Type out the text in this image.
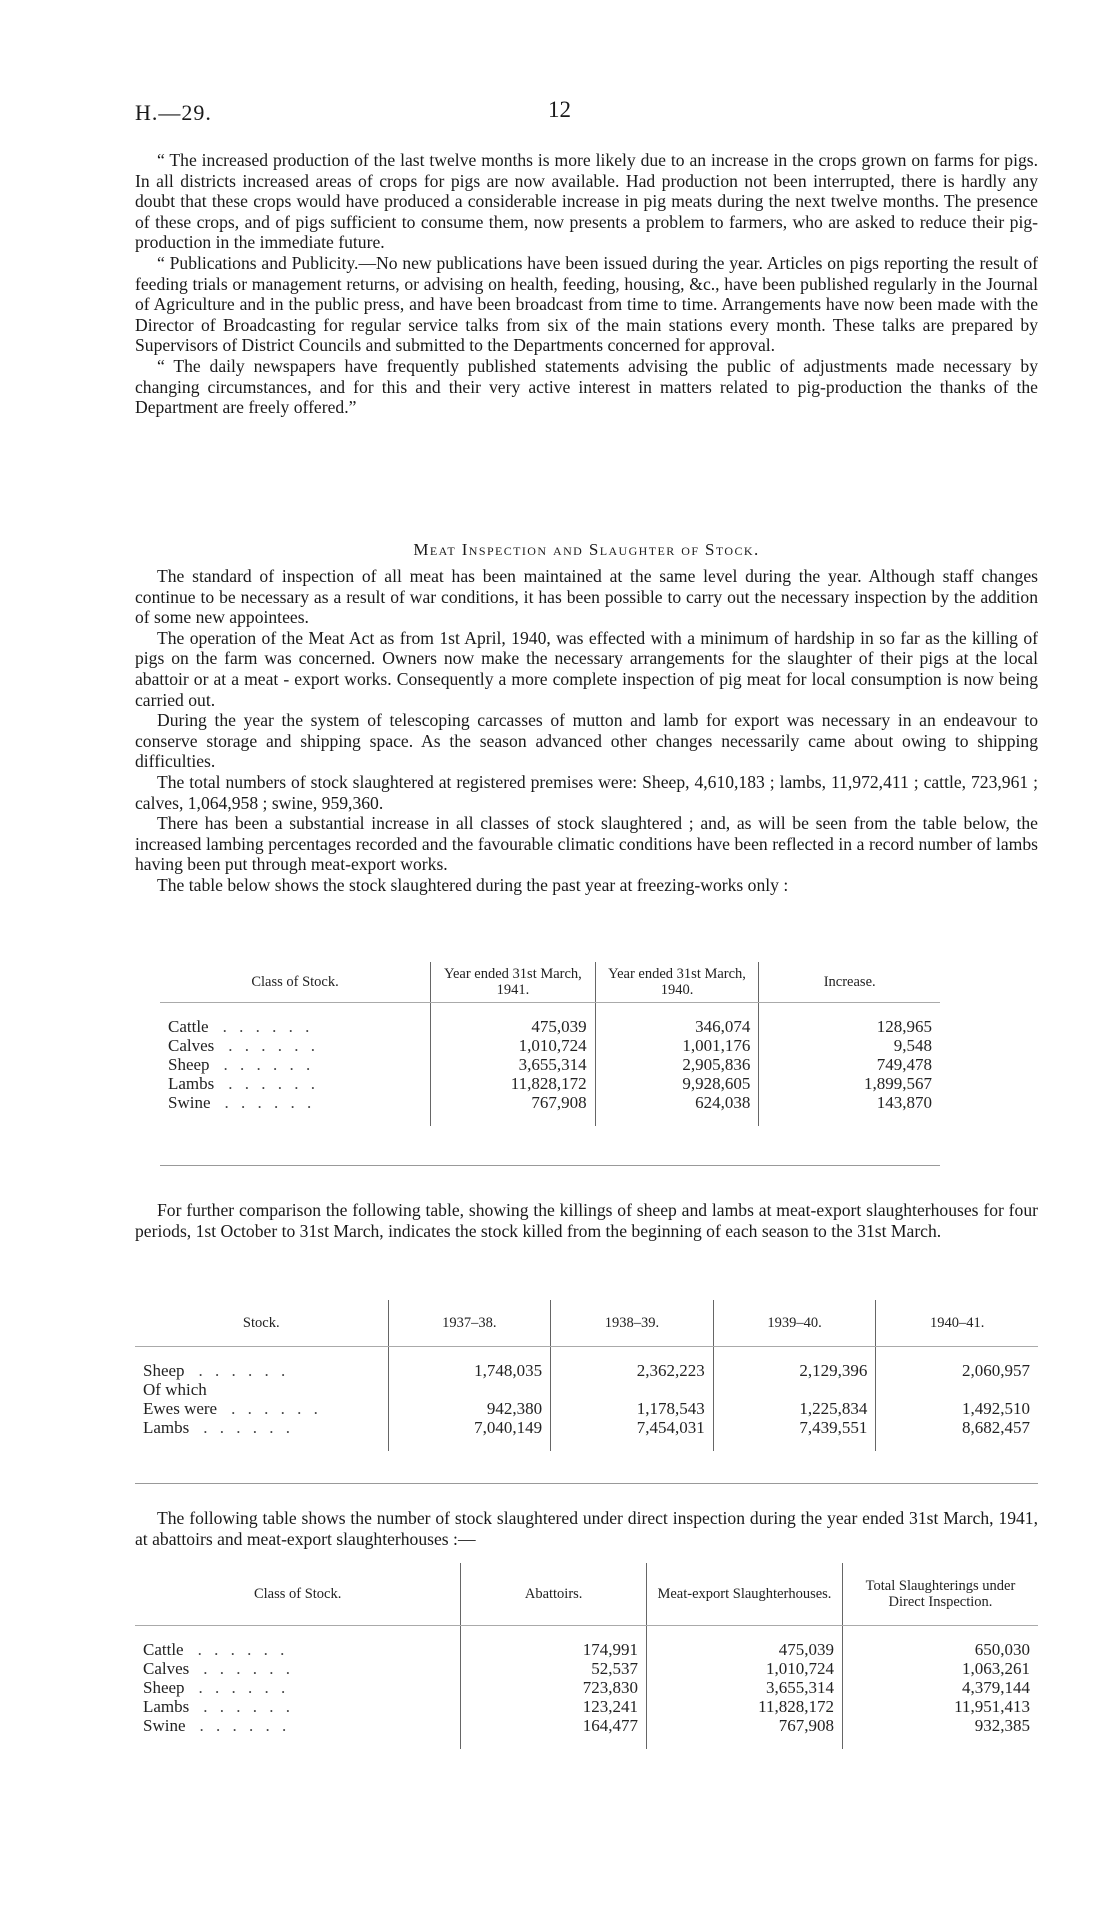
H.—29.	12

“ The increased production of the last twelve months is more likely due to an increase in the crops grown on farms for pigs. In all districts increased areas of crops for pigs are now available. Had production not been interrupted, there is hardly any doubt that these crops would have produced a considerable increase in pig meats during the next twelve months. The presence of these crops, and of pigs sufficient to consume them, now presents a problem to farmers, who are asked to reduce their pig-production in the immediate future.

“ Publications and Publicity.—No new publications have been issued during the year. Articles on pigs reporting the result of feeding trials or management returns, or advising on health, feeding, housing, &c., have been published regularly in the Journal of Agriculture and in the public press, and have been broadcast from time to time. Arrangements have now been made with the Director of Broadcasting for regular service talks from six of the main stations every month. These talks are prepared by Supervisors of District Councils and submitted to the Departments concerned for approval.

“ The daily newspapers have frequently published statements advising the public of adjustments made necessary by changing circumstances, and for this and their very active interest in matters related to pig-production the thanks of the Department are freely offered.”

Meat Inspection and Slaughter of Stock.

The standard of inspection of all meat has been maintained at the same level during the year. Although staff changes continue to be necessary as a result of war conditions, it has been possible to carry out the necessary inspection by the addition of some new appointees.

The operation of the Meat Act as from 1st April, 1940, was effected with a minimum of hardship in so far as the killing of pigs on the farm was concerned. Owners now make the necessary arrangements for the slaughter of their pigs at the local abattoir or at a meat - export works. Consequently a more complete inspection of pig meat for local consumption is now being carried out.

During the year the system of telescoping carcasses of mutton and lamb for export was necessary in an endeavour to conserve storage and shipping space. As the season advanced other changes necessarily came about owing to shipping difficulties.

The total numbers of stock slaughtered at registered premises were: Sheep, 4,610,183 ; lambs, 11,972,411 ; cattle, 723,961 ; calves, 1,064,958 ; swine, 959,360.

There has been a substantial increase in all classes of stock slaughtered ; and, as will be seen from the table below, the increased lambing percentages recorded and the favourable climatic conditions have been reflected in a record number of lambs having been put through meat-export works.

The table below shows the stock slaughtered during the past year at freezing-works only :

Class of Stock.	Year ended 31st March, 1941.	Year ended 31st March, 1940.	Increase.

Cattle . . . . . .	475,039	346,074	128,965
Calves . . . . . .	1,010,724	1,001,176	9,548
Sheep . . . . . .	3,655,314	2,905,836	749,478
Lambs . . . . . .	11,828,172	9,928,605	1,899,567
Swine . . . . . .	767,908	624,038	143,870

For further comparison the following table, showing the killings of sheep and lambs at meat-export slaughterhouses for four periods, 1st October to 31st March, indicates the stock killed from the beginning of each season to the 31st March.

Stock.	1937–38.	1938–39.	1939–40.	1940–41.

Sheep . . . . . .	1,748,035	2,362,223	2,129,396	2,060,957
Of which				
Ewes were . . . . . .	942,380	1,178,543	1,225,834	1,492,510
Lambs . . . . . .	7,040,149	7,454,031	7,439,551	8,682,457

The following table shows the number of stock slaughtered under direct inspection during the year ended 31st March, 1941, at abattoirs and meat-export slaughterhouses :—

Class of Stock.	Abattoirs.	Meat-export Slaughterhouses.	Total Slaughterings under Direct Inspection.

Cattle . . . . . .	174,991	475,039	650,030
Calves . . . . . .	52,537	1,010,724	1,063,261
Sheep . . . . . .	723,830	3,655,314	4,379,144
Lambs . . . . . .	123,241	11,828,172	11,951,413
Swine . . . . . .	164,477	767,908	932,385
